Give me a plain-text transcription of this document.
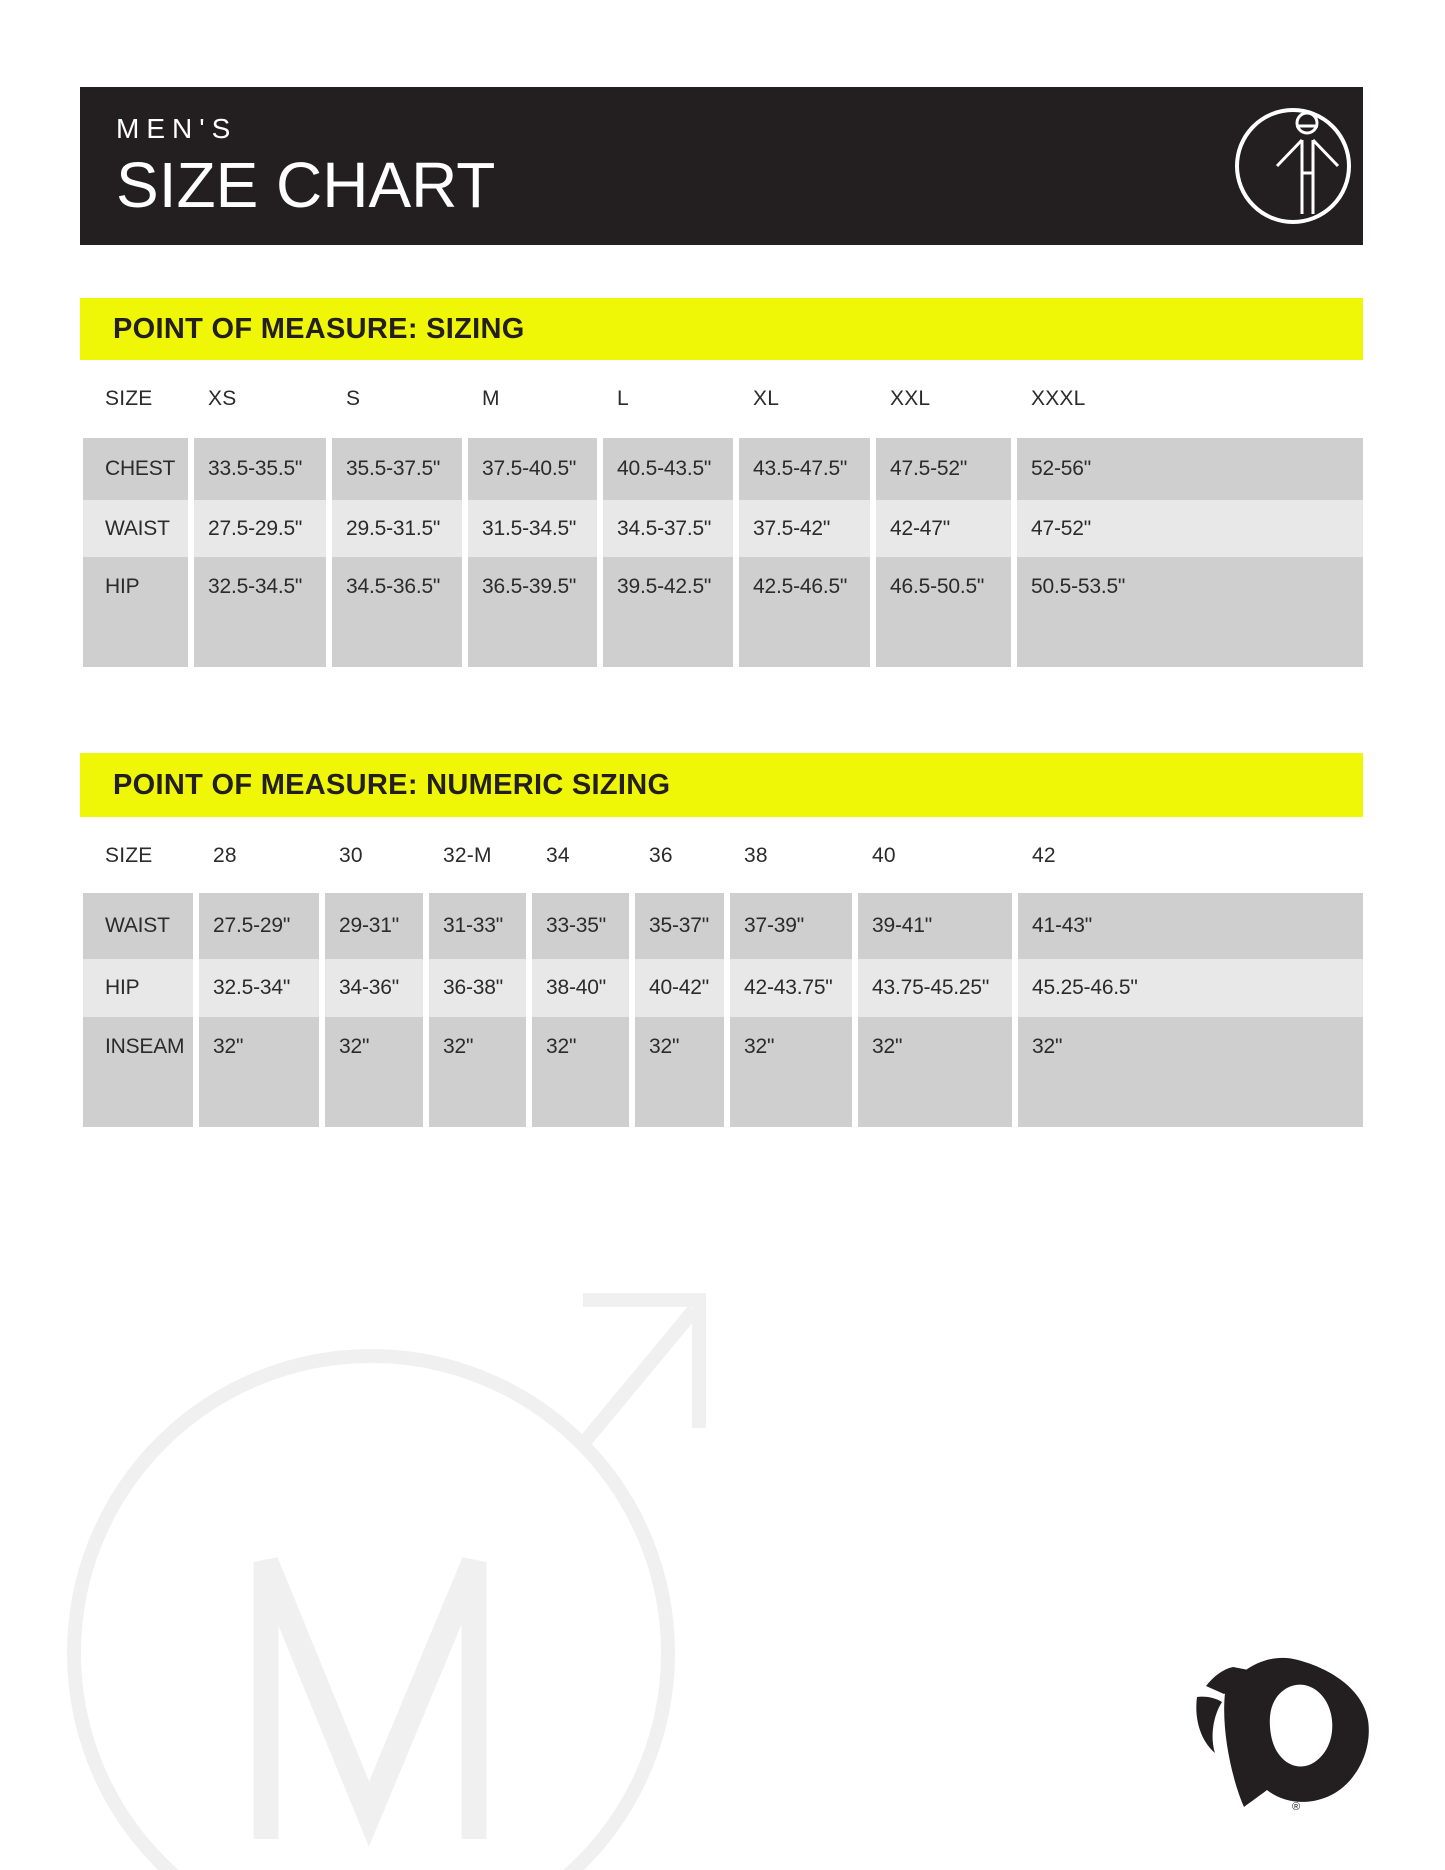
MEN'S
SIZE CHART
POINT OF MEASURE: SIZING
SIZE	XS	S	M	L	XL	XXL	XXXL
CHEST	33.5-35.5"	35.5-37.5"	37.5-40.5"	40.5-43.5"	43.5-47.5"	47.5-52"	52-56"
WAIST	27.5-29.5"	29.5-31.5"	31.5-34.5"	34.5-37.5"	37.5-42"	42-47"	47-52"
HIP	32.5-34.5"	34.5-36.5"	36.5-39.5"	39.5-42.5"	42.5-46.5"	46.5-50.5"	50.5-53.5"
POINT OF MEASURE: NUMERIC SIZING
SIZE	28	30	32-M	34	36	38	40	42
WAIST	27.5-29"	29-31"	31-33"	33-35"	35-37"	37-39"	39-41"	41-43"
HIP	32.5-34"	34-36"	36-38"	38-40"	40-42"	42-43.75"	43.75-45.25"	45.25-46.5"
INSEAM	32"	32"	32"	32"	32"	32"	32"	32"
®
